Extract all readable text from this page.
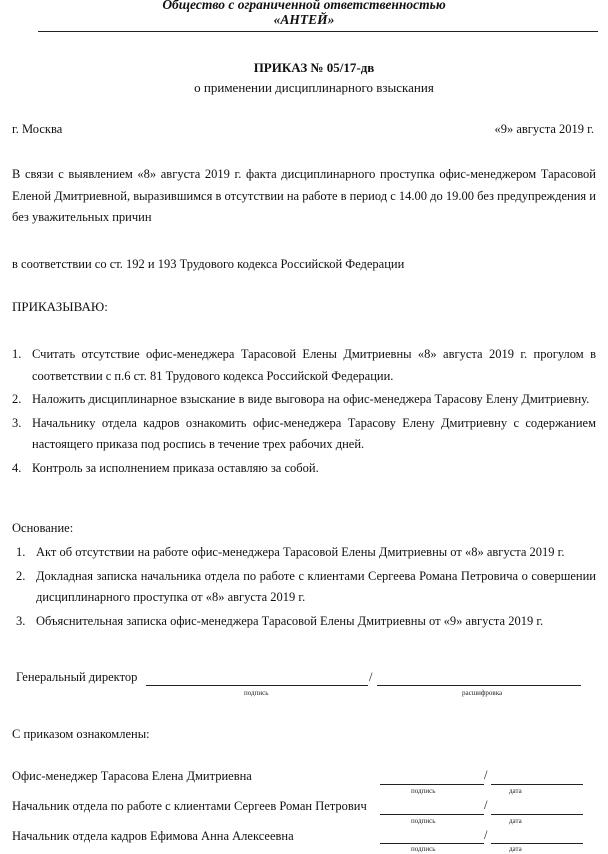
Общество с ограниченной ответственностью
«АНТЕЙ»
ПРИКАЗ № 05/17-дв
о применении дисциплинарного взыскания
г. Москва	«9» августа 2019 г.
В связи с выявлением «8» августа 2019 г. факта дисциплинарного проступка офис-менеджером Тарасовой Еленой Дмитриевной, выразившимся в отсутствии на работе в период с 14.00 до 19.00 без предупреждения и без уважительных причин
в соответствии со ст. 192 и 193 Трудового кодекса Российской Федерации
ПРИКАЗЫВАЮ:
1. Считать отсутствие офис-менеджера Тарасовой Елены Дмитриевны «8» августа 2019 г. прогулом в соответствии с п.6 ст. 81 Трудового кодекса Российской Федерации.
2. Наложить дисциплинарное взыскание в виде выговора на офис-менеджера Тарасову Елену Дмитриевну.
3. Начальнику отдела кадров ознакомить офис-менеджера Тарасову Елену Дмитриевну с содержанием настоящего приказа под роспись в течение трех рабочих дней.
4. Контроль за исполнением приказа оставляю за собой.
Основание:
1. Акт об отсутствии на работе офис-менеджера Тарасовой Елены Дмитриевны от «8» августа 2019 г.
2. Докладная записка начальника отдела по работе с клиентами Сергеева Романа Петровича о совершении дисциплинарного проступка от «8» августа 2019 г.
3. Объяснительная записка офис-менеджера Тарасовой Елены Дмитриевны от «9» августа 2019 г.
Генеральный директор	/
подпись	расшифровка
С приказом ознакомлены:
Офис-менеджер Тарасова Елена Дмитриевна	/
подпись	дата
Начальник отдела по работе с клиентами Сергеев Роман Петрович	/
подпись	дата
Начальник отдела кадров Ефимова Анна Алексеевна	/
подпись	дата
